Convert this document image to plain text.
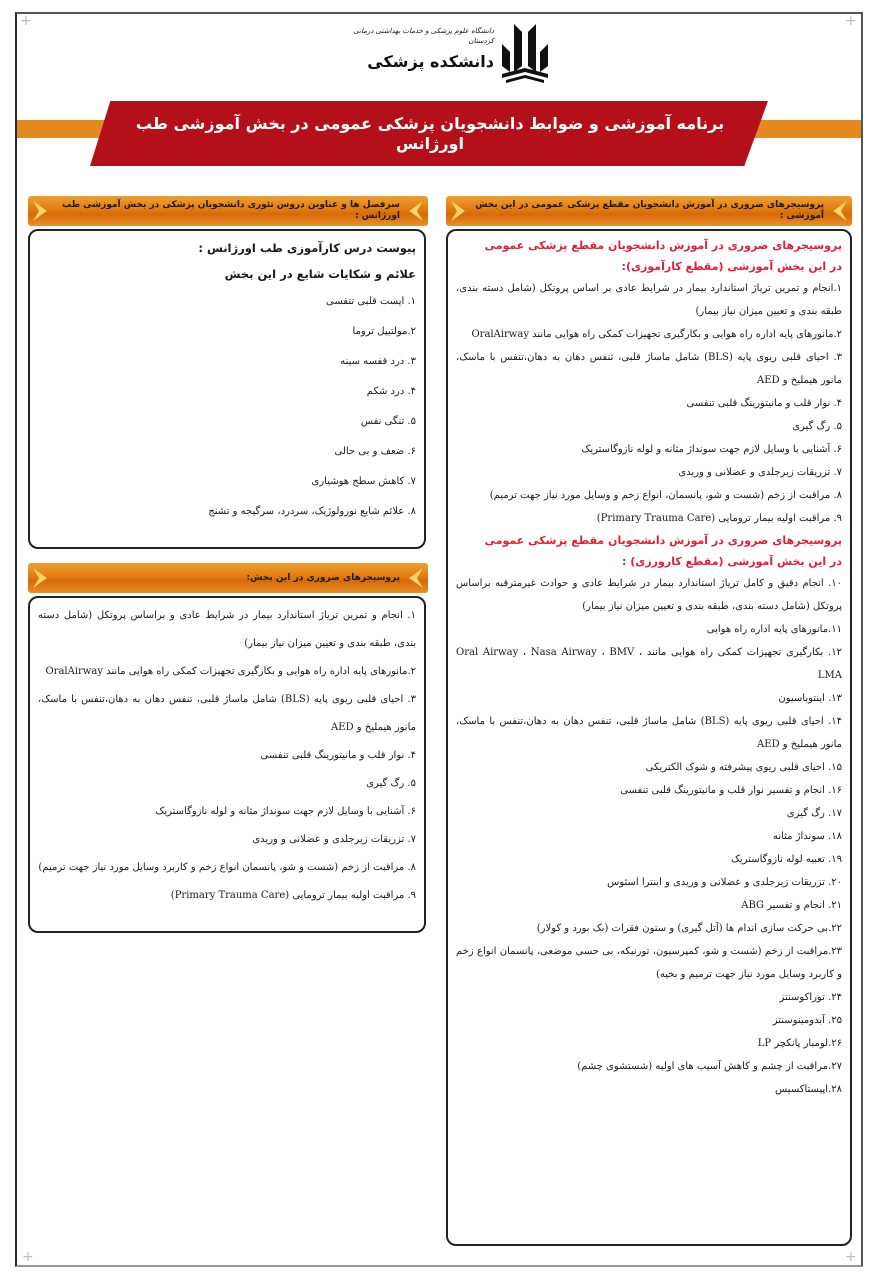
+	+
+	+
دانشگاه علوم پزشکی و خدمات بهداشتی درمانی کردستان
دانشکده پزشکی
برنامه آموزشی و ضوابط دانشجویان پزشکی عمومی در بخش آموزشی طب اورژانس
پروسیجرهای ضروری در آموزش دانشجویان مقطع پزشکی عمومی در این بخش آموزشی :

پروسیجرهای ضروری در آموزش دانشجویان مقطع پزشکی عمومی

در این بخش آموزشی (مقطع کارآموزی):

۱.انجام و تمرین ترياژ استاندارد بیمار در شرایط عادی بر اساس پروتکل (شامل دسته بندی، طبقه بندی و تعیین میزان نیاز بیمار)

۲.مانورهای پایه اداره راه هوایی و بکارگیری تجهیزات کمکی راه هوایی مانند OralAirway

۳. احیای قلبی ریوی پایه (BLS) شامل ماساژ قلبی، تنفس دهان به دهان،تنفس با ماسک، مانور هیملیخ و AED

۴. نوار قلب و مانیتورینگ قلبی تنفسی

۵. رگ گیری

۶. آشنایی با وسایل لازم جهت سونداژ مثانه و لوله نازوگاستریک

۷. تزریقات زیرجلدی و عضلانی و وریدی

۸. مراقبت از زخم (شست و شو، پانسمان، انواع زخم و وسایل مورد نیاز جهت ترمیم)

۹. مراقبت اولیه بیمار ترومایی (Primary Trauma Care)

پروسیجرهای ضروری در آموزش دانشجویان مقطع پزشکی عمومی

در این بخش آموزشی (مقطع کارورزی) :

۱۰. انجام دقیق و کامل ترياژ استاندارد بیمار در شرایط عادی و حوادث غیرمترقبه براساس پروتکل (شامل دسته بندی، طبقه بندی و تعیین میزان نیاز بیمار)

۱۱.مانورهای پایه اداره راه هوایی

۱۲. بکارگیری تجهیزات کمکی راه هوایی مانند ، Oral Airway ، Nasa Airway ، BMV LMA

۱۳. اینتوباسیون

۱۴. احیای قلبی ریوی پایه (BLS) شامل ماساژ قلبی، تنفس دهان به دهان،تنفس با ماسک، مانور هیملیخ و AED

۱۵. احیای قلبی ریوی پیشرفته و شوک الکتریکی

۱۶. انجام و تفسیر نوار قلب و مانیتورینگ قلبی تنفسی

۱۷. رگ گیری

۱۸. سونداژ مثانه

۱۹. تعبیه لوله نازوگاستریک

۲۰. تزریقات زیرجلدی و عضلانی و وریدی و اینترا اسئوس

۲۱. انجام و تفسیر ABG

۲۲.بی حرکت سازی اندام ها (آتل گیری) و ستون فقرات (بک بورد و کولار)

۲۳.مراقبت از زخم (شست و شو، کمپرسیون، تورنیکه، بی حسی موضعی، پانسمان انواع زخم و کاربرد وسایل مورد نیاز جهت ترمیم و بخیه)

۲۴. توراکوسنتز

۲۵. آبدومینوسنتز

۲۶.لومبار پانکچر LP

۲۷.مراقبت از چشم و کاهش آسیب های اولیه (شستشوی چشم)

۲۸.اپیستاکسیس

سرفصل ها و عناوین دروس تئوری دانشجویان پزشکی در بخش آموزشی طب اورژانس :

پیوست درس کارآموزی طب اورژانس :

علائم و شکایات شایع در این بخش

۱. ایست قلبی تنفسی

۲.مولتیپل تروما

۳. درد قفسه سینه

۴. درد شکم

۵. تنگی نفس

۶. ضعف و بی حالی

۷. کاهش سطح هوشیاری

۸. علائم شایع نورولوژیک، سردرد، سرگیجه و تشنج

پروسیجرهای ضروری در این بخش:

۱. انجام و تمرین ترياژ استاندارد بیمار در شرایط عادی و براساس پروتکل (شامل دسته بندی، طبقه بندی و تعیین میزان نیاز بیمار)

۲.مانورهای پایه اداره راه هوایی و بکارگیری تجهیزات کمکی راه هوایی مانند OralAirway

۳. احیای قلبی ریوی پایه (BLS) شامل ماساژ قلبی، تنفس دهان به دهان،تنفس با ماسک، مانور هیملیخ و AED

۴. نوار قلب و مانیتورینگ قلبی تنفسی

۵. رگ گیری

۶. آشنایی با وسایل لازم جهت سونداژ مثانه و لوله نازوگاستریک

۷. تزریقات زیرجلدی و عضلانی و وریدی

۸. مراقبت از زخم (شست و شو، پانسمان انواع زخم و کاربرد وسایل مورد نیاز جهت ترمیم)

۹. مراقبت اولیه بیمار ترومایی (Primary Trauma Care)
